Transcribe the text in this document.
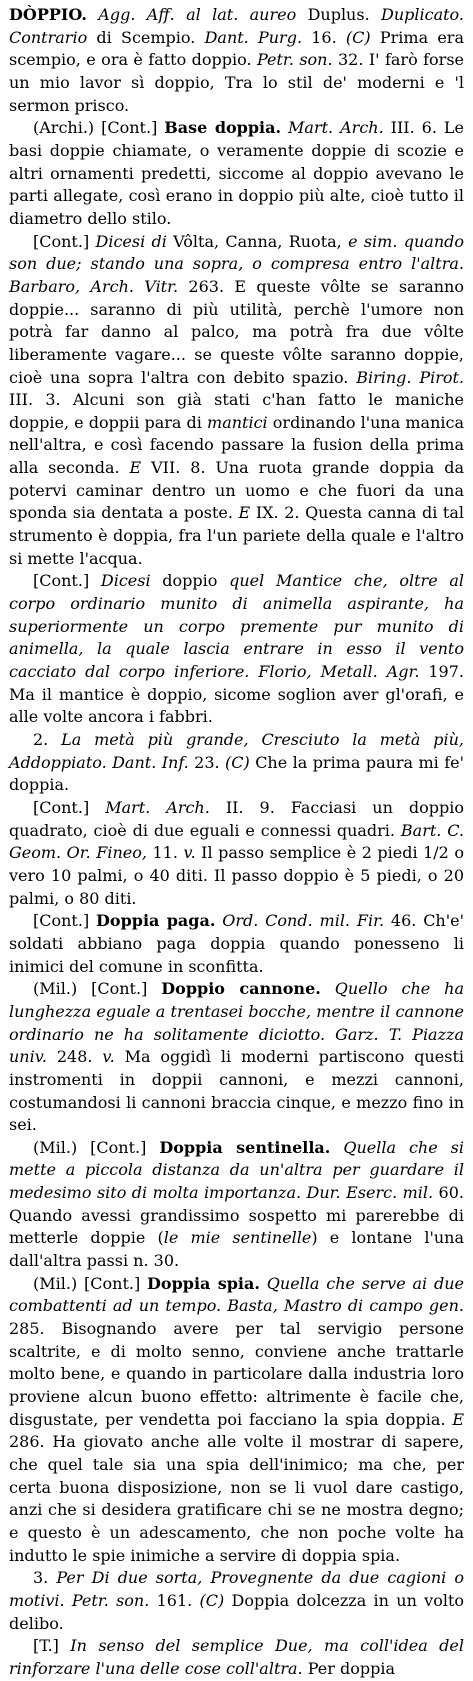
DÒPPIO. Agg. Aff. al lat. aureo Duplus. Duplicato. Contrario di Scempio. Dant. Purg. 16. (C) Prima era scempio, e ora è fatto doppio. Petr. son. 32. I' farò forse un mio lavor sì doppio, Tra lo stil de' moderni e 'l sermon prisco.

(Archi.) [Cont.] Base doppia. Mart. Arch. III. 6. Le basi doppie chiamate, o veramente doppie di scozie e altri ornamenti predetti, siccome al doppio avevano le parti allegate, così erano in doppio più alte, cioè tutto il diametro dello stilo.

[Cont.] Dicesi di Vôlta, Canna, Ruota, e sim. quando son due; stando una sopra, o compresa entro l'altra. Barbaro, Arch. Vitr. 263. E queste vôlte se saranno doppie... saranno di più utilità, perchè l'umore non potrà far danno al palco, ma potrà fra due vôlte liberamente vagare... se queste vôlte saranno doppie, cioè una sopra l'altra con debito spazio. Biring. Pirot. III. 3. Alcuni son già stati c'han fatto le maniche doppie, e doppii para di mantici ordinando l'una manica nell'altra, e così facendo passare la fusion della prima alla seconda. E VII. 8. Una ruota grande doppia da potervi caminar dentro un uomo e che fuori da una sponda sia dentata a poste. E IX. 2. Questa canna di tal strumento è doppia, fra l'un pariete della quale e l'altro si mette l'acqua.

[Cont.] Dicesi doppio quel Mantice che, oltre al corpo ordinario munito di animella aspirante, ha superiormente un corpo premente pur munito di animella, la quale lascia entrare in esso il vento cacciato dal corpo inferiore. Florio, Metall. Agr. 197. Ma il mantice è doppio, sicome soglion aver gl'orafi, e alle volte ancora i fabbri.

2. La metà più grande, Cresciuto la metà più, Addoppiato. Dant. Inf. 23. (C) Che la prima paura mi fe' doppia.

[Cont.] Mart. Arch. II. 9. Facciasi un doppio quadrato, cioè di due eguali e connessi quadri. Bart. C. Geom. Or. Fineo, 11. v. Il passo semplice è 2 piedi 1/2 o vero 10 palmi, o 40 diti. Il passo doppio è 5 piedi, o 20 palmi, o 80 diti.

[Cont.] Doppia paga. Ord. Cond. mil. Fir. 46. Ch'e' soldati abbiano paga doppia quando ponesseno li inimici del comune in sconfitta.

(Mil.) [Cont.] Doppio cannone. Quello che ha lunghezza eguale a trentasei bocche, mentre il cannone ordinario ne ha solitamente diciotto. Garz. T. Piazza univ. 248. v. Ma oggidì li moderni partiscono questi instromenti in doppii cannoni, e mezzi cannoni, costumandosi li cannoni braccia cinque, e mezzo fino in sei.

(Mil.) [Cont.] Doppia sentinella. Quella che si mette a piccola distanza da un'altra per guardare il medesimo sito di molta importanza. Dur. Eserc. mil. 60. Quando avessi grandissimo sospetto mi parerebbe di metterle doppie (le mie sentinelle) e lontane l'una dall'altra passi n. 30.

(Mil.) [Cont.] Doppia spia. Quella che serve ai due combattenti ad un tempo. Basta, Mastro di campo gen. 285. Bisognando avere per tal servigio persone scaltrite, e di molto senno, conviene anche trattarle molto bene, e quando in particolare dalla industria loro proviene alcun buono effetto: altrimente è facile che, disgustate, per vendetta poi facciano la spia doppia. E 286. Ha giovato anche alle volte il mostrar di sapere, che quel tale sia una spia dell'inimico; ma che, per certa buona disposizione, non se li vuol dare castigo, anzi che si desidera gratificare chi se ne mostra degno; e questo è un adescamento, che non poche volte ha indutto le spie inimiche a servire di doppia spia.

3. Per Di due sorta, Provegnente da due cagioni o motivi. Petr. son. 161. (C) Doppia dolcezza in un volto delibo.

[T.] In senso del semplice Due, ma coll'idea del rinforzare l'una delle cose coll'altra. Per doppia
